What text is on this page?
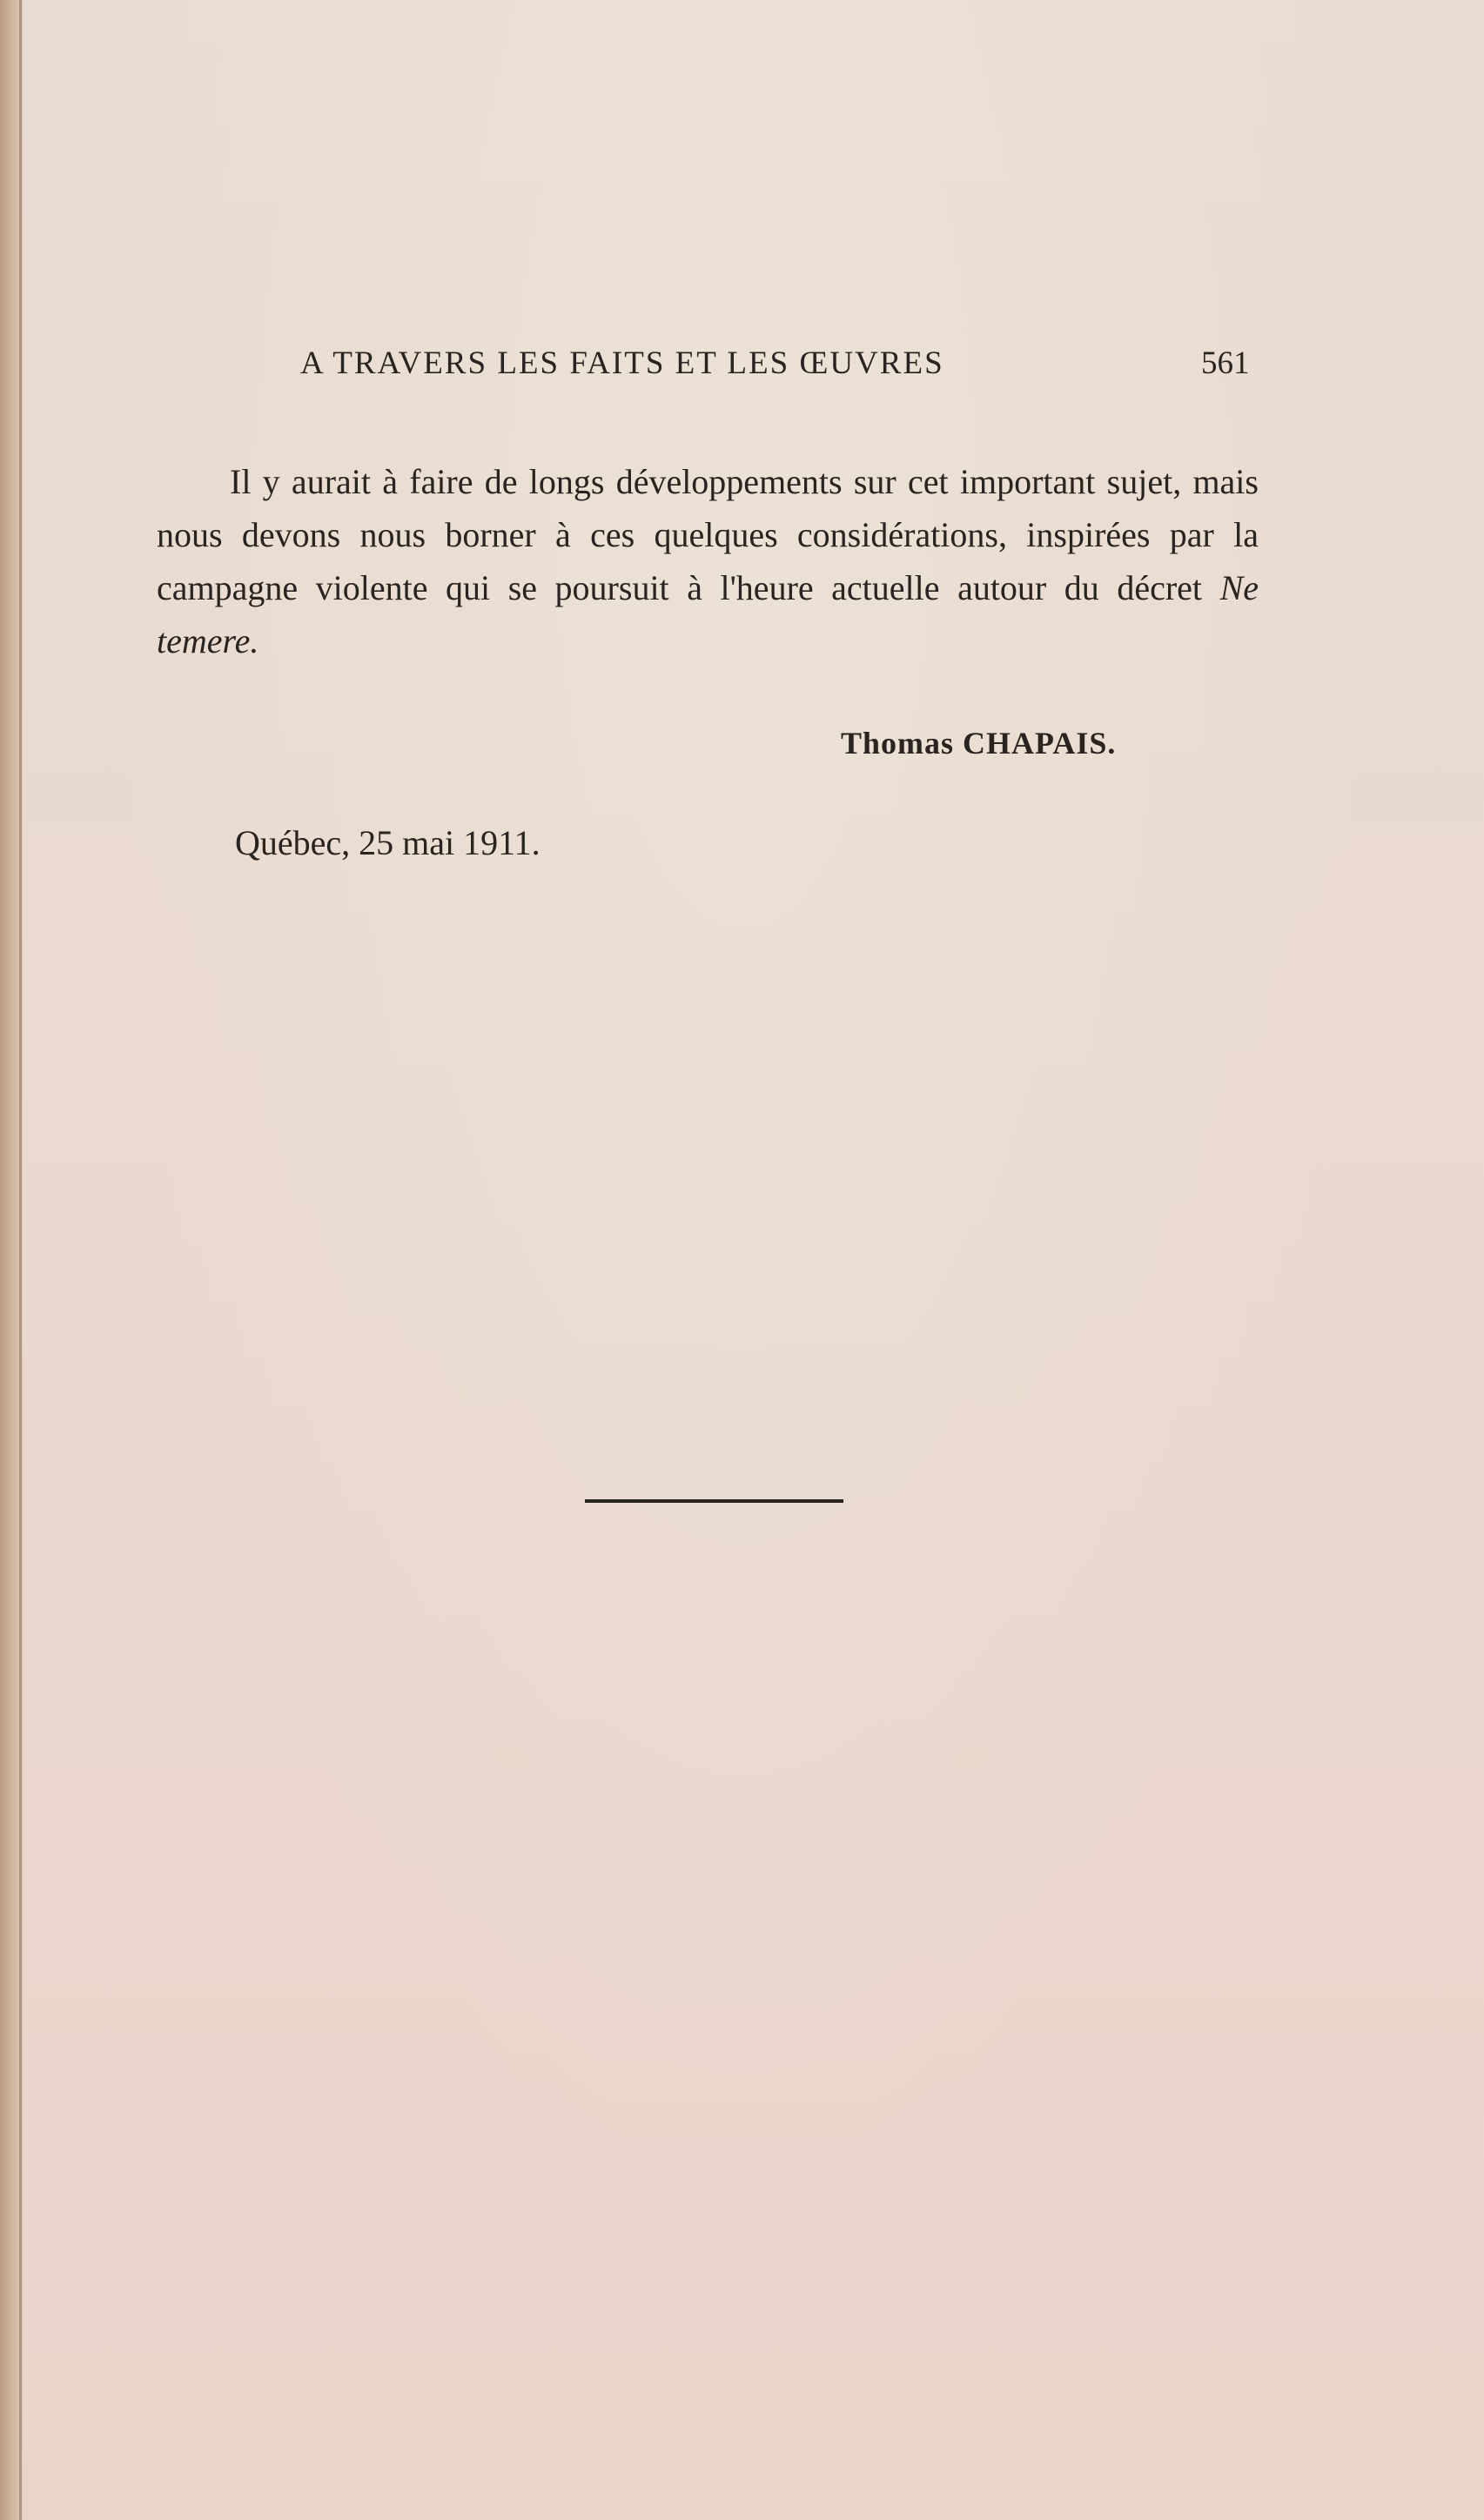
A TRAVERS LES FAITS ET LES ŒUVRES	561

Il y aurait à faire de longs développements sur cet important sujet, mais nous devons nous borner à ces quelques considérations, inspirées par la campagne violente qui se poursuit à l'heure actuelle autour du décret Ne temere.

Thomas CHAPAIS.
Québec, 25 mai 1911.
